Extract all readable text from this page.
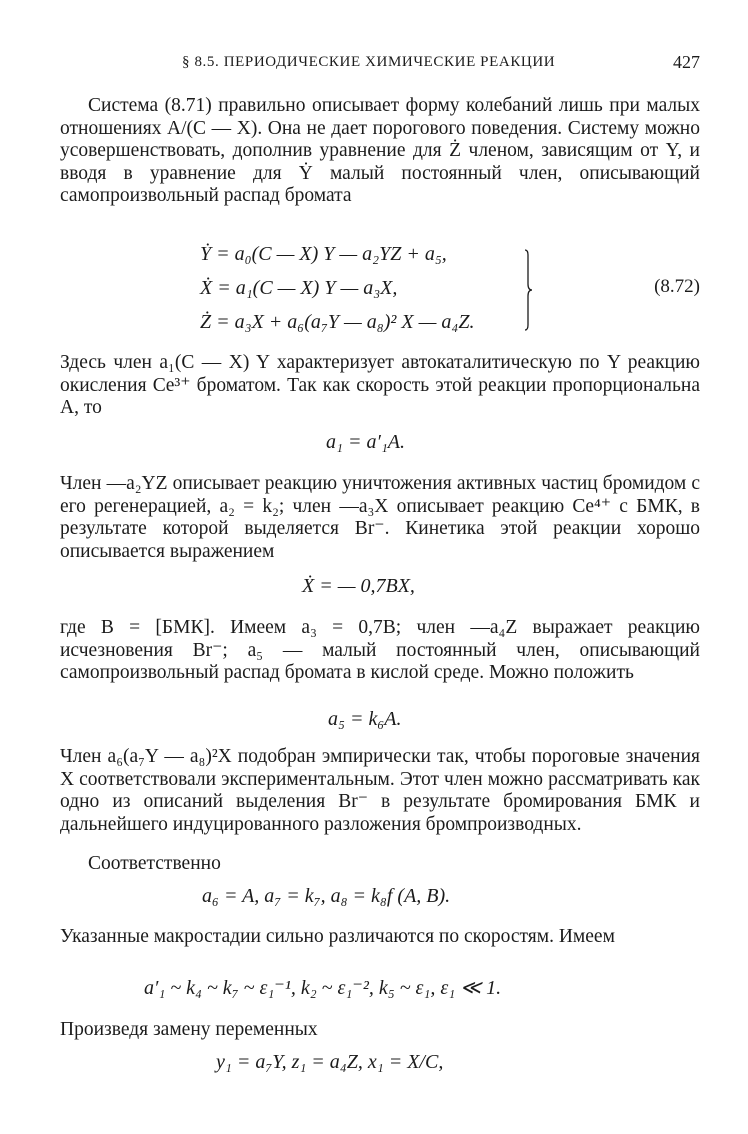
§ 8.5. ПЕРИОДИЧЕСКИЕ ХИМИЧЕСКИЕ РЕАКЦИИ	427

Система (8.71) правильно описывает форму колебаний лишь при малых отношениях A/(C — X). Она не дает порогового поведения. Систему можно усовершенствовать, дополнив уравнение для Ż членом, зависящим от Y, и вводя в уравнение для Ẏ малый постоянный член, описывающий самопроизвольный распад бромата

Ẏ = a₀(C — X) Y — a₂YZ + a₅,
Ẋ = a₁(C — X) Y — a₃X,
Ż = a₃X + a₆(a₇Y — a₈)² X — a₄Z.
(8.72)

Здесь член a₁(C — X) Y характеризует автокаталитическую по Y реакцию окисления Ce³⁺ броматом. Так как скорость этой реакции пропорциональна A, то

a₁ = a′₁A.

Член —a₂YZ описывает реакцию уничтожения активных частиц бромидом с его регенерацией, a₂ = k₂; член —a₃X описывает реакцию Ce⁴⁺ с БМК, в результате которой выделяется Br⁻. Кинетика этой реакции хорошо описывается выражением

Ẋ = — 0,7BX,

где B = [БМК]. Имеем a₃ = 0,7B; член —a₄Z выражает реакцию исчезновения Br⁻; a₅ — малый постоянный член, описывающий самопроизвольный распад бромата в кислой среде. Можно положить

a₅ = k₆A.

Член a₆(a₇Y — a₈)²X подобран эмпирически так, чтобы пороговые значения X соответствовали экспериментальным. Этот член можно рассматривать как одно из описаний выделения Br⁻ в результате бромирования БМК и дальнейшего индуцированного разложения бромпроизводных.

Соответственно

a₆ = A, a₇ = k₇, a₈ = k₈f (A, B).

Указанные макростадии сильно различаются по скоростям. Имеем

a′₁ ~ k₄ ~ k₇ ~ ε₁⁻¹, k₂ ~ ε₁⁻², k₅ ~ ε₁, ε₁ ≪ 1.

Произведя замену переменных

y₁ = a₇Y, z₁ = a₄Z, x₁ = X/C,
